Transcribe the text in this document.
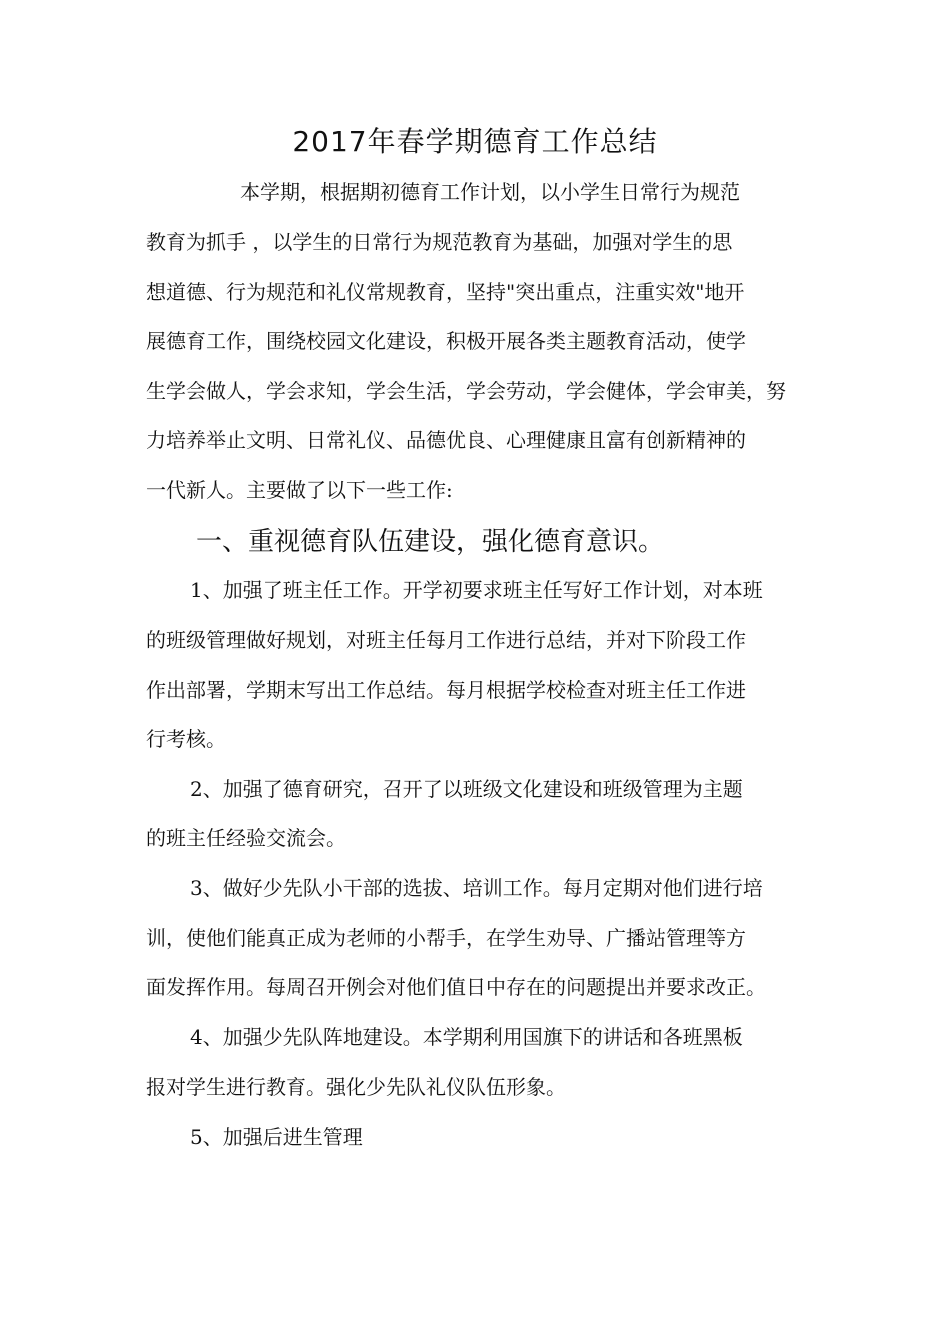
2017年春学期德育工作总结
本学期，根据期初德育工作计划，以小学生日常行为规范
教育为抓手 ，以学生的日常行为规范教育为基础，加强对学生的思
想道德、行为规范和礼仪常规教育，坚持"突出重点，注重实效"地开
展德育工作，围绕校园文化建设，积极开展各类主题教育活动，使学
生学会做人，学会求知，学会生活，学会劳动，学会健体，学会审美，努
力培养举止文明、日常礼仪、品德优良、心理健康且富有创新精神的
一代新人。主要做了以下一些工作:
一、重视德育队伍建设，强化德育意识。
1、加强了班主任工作。开学初要求班主任写好工作计划，对本班
的班级管理做好规划，对班主任每月工作进行总结，并对下阶段工作
作出部署，学期末写出工作总结。每月根据学校检查对班主任工作进
行考核。
2、加强了德育研究，召开了以班级文化建设和班级管理为主题
的班主任经验交流会。
3、做好少先队小干部的选拔、培训工作。每月定期对他们进行培
训，使他们能真正成为老师的小帮手，在学生劝导、广播站管理等方
面发挥作用。每周召开例会对他们值日中存在的问题提出并要求改正。
4、加强少先队阵地建设。本学期利用国旗下的讲话和各班黑板
报对学生进行教育。强化少先队礼仪队伍形象。
5、加强后进生管理
